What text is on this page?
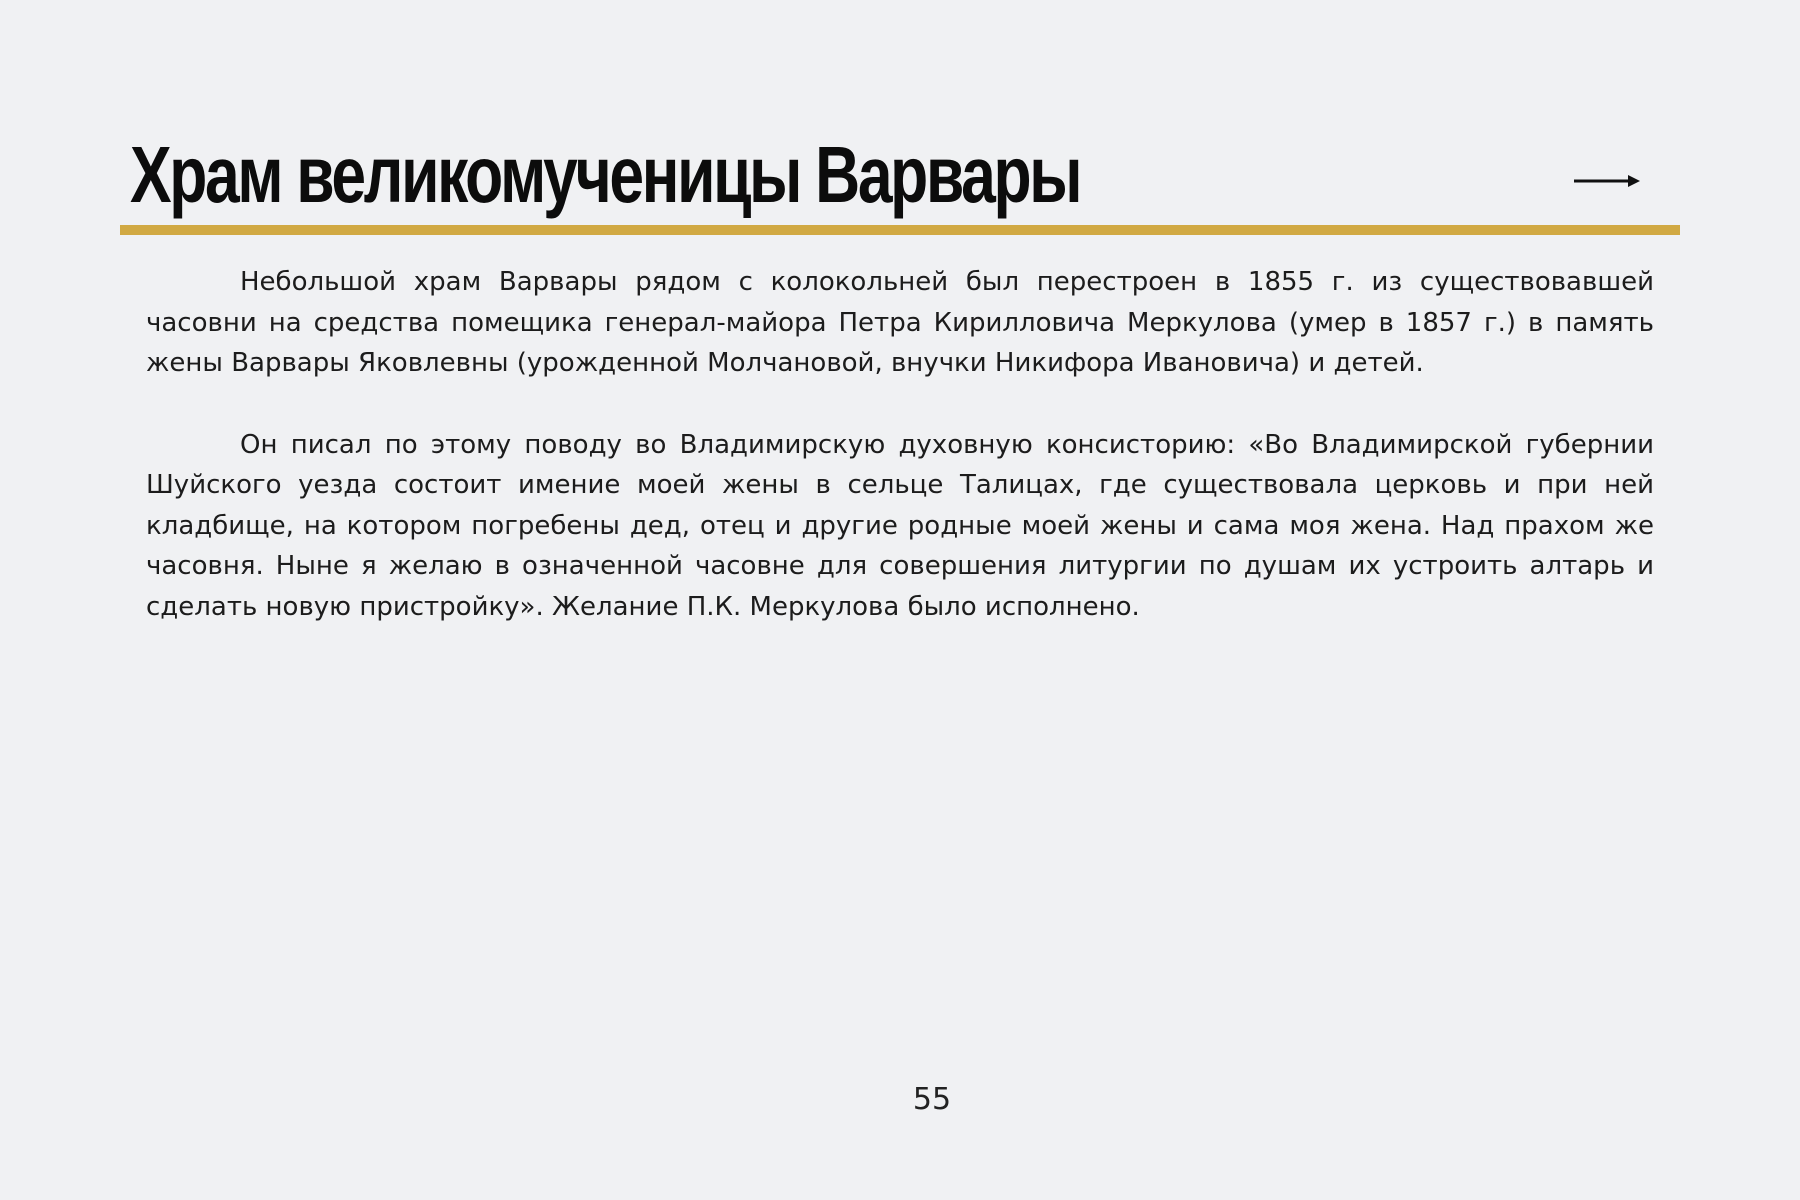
Храм великомученицы Варвары

Небольшой храм Варвары рядом с колокольней был перестроен в 1855 г. из существовавшей часовни на средства помещика генерал-майора Петра Кирилловича Меркулова (умер в 1857 г.) в память жены Варвары Яковлевны (урожденной Молчановой, внучки Никифора Ивановича) и детей.

Он писал по этому поводу во Владимирскую духовную консисторию: «Во Владимирской губернии Шуйского уезда состоит имение моей жены в сельце Талицах, где существовала церковь и при ней кладбище, на котором погребены дед, отец и другие родные моей жены и сама моя жена. Над прахом же часовня. Ныне я желаю в означенной часовне для совершения литургии по душам их устроить алтарь и сделать новую пристройку». Желание П.К. Меркулова было исполнено.

55
